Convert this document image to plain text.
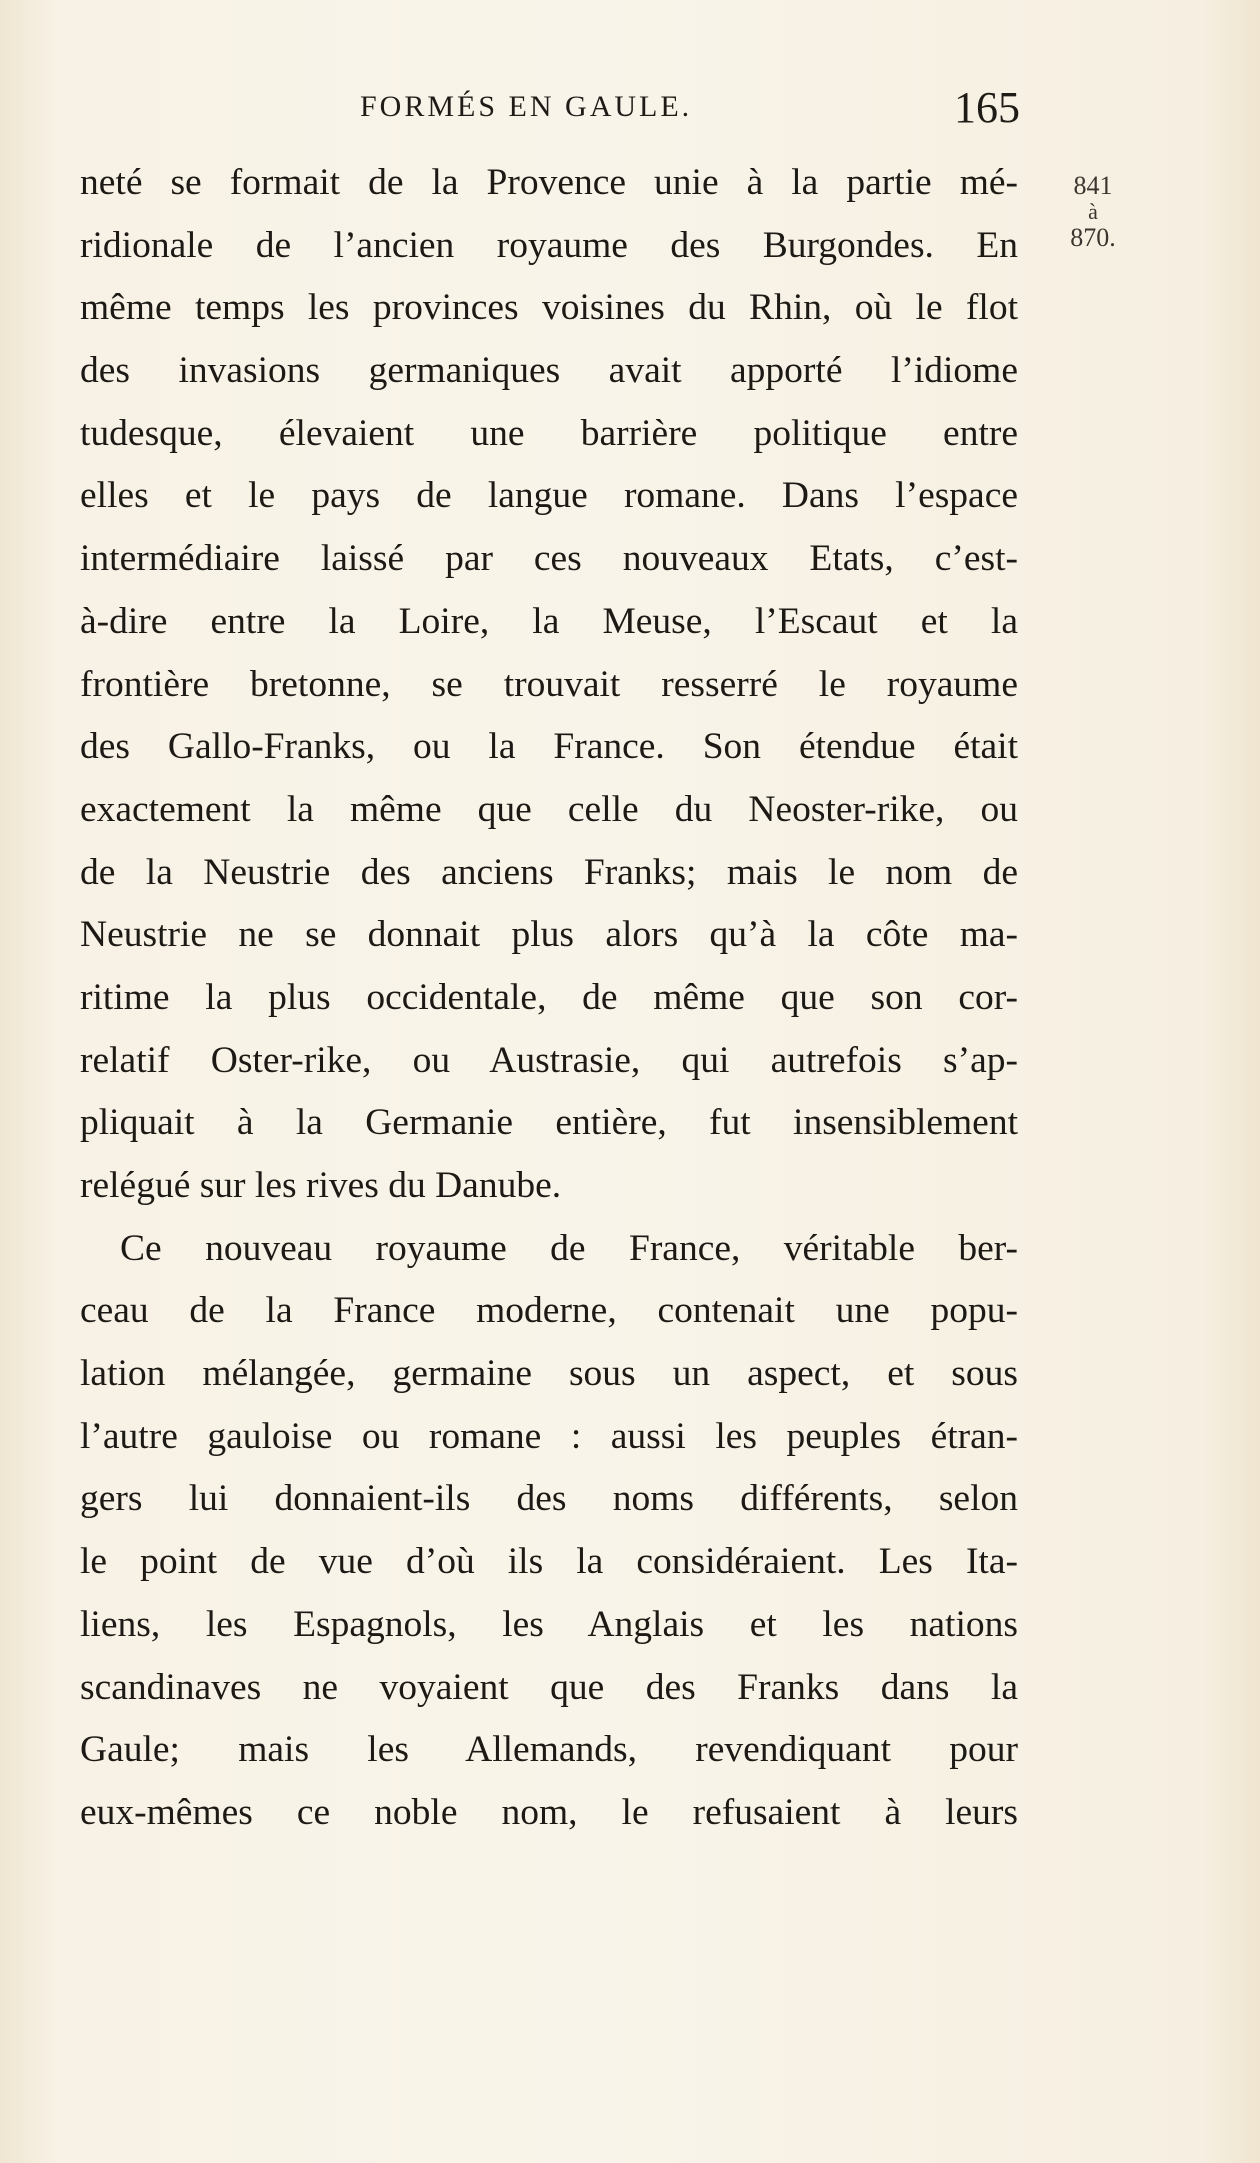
FORMÉS EN GAULE.	165
841
à
870.
neté se formait de la Provence unie à la partie mé-
ridionale de l’ancien royaume des Burgondes. En
même temps les provinces voisines du Rhin, où le flot
des invasions germaniques avait apporté l’idiome
tudesque, élevaient une barrière politique entre
elles et le pays de langue romane. Dans l’espace
intermédiaire laissé par ces nouveaux Etats, c’est-
à-dire entre la Loire, la Meuse, l’Escaut et la
frontière bretonne, se trouvait resserré le royaume
des Gallo-Franks, ou la France. Son étendue était
exactement la même que celle du Neoster-rike, ou
de la Neustrie des anciens Franks; mais le nom de
Neustrie ne se donnait plus alors qu’à la côte ma-
ritime la plus occidentale, de même que son cor-
relatif Oster-rike, ou Austrasie, qui autrefois s’ap-
pliquait à la Germanie entière, fut insensiblement
relégué sur les rives du Danube.
Ce nouveau royaume de France, véritable ber-
ceau de la France moderne, contenait une popu-
lation mélangée, germaine sous un aspect, et sous
l’autre gauloise ou romane : aussi les peuples étran-
gers lui donnaient-ils des noms différents, selon
le point de vue d’où ils la considéraient. Les Ita-
liens, les Espagnols, les Anglais et les nations
scandinaves ne voyaient que des Franks dans la
Gaule; mais les Allemands, revendiquant pour
eux-mêmes ce noble nom, le refusaient à leurs
